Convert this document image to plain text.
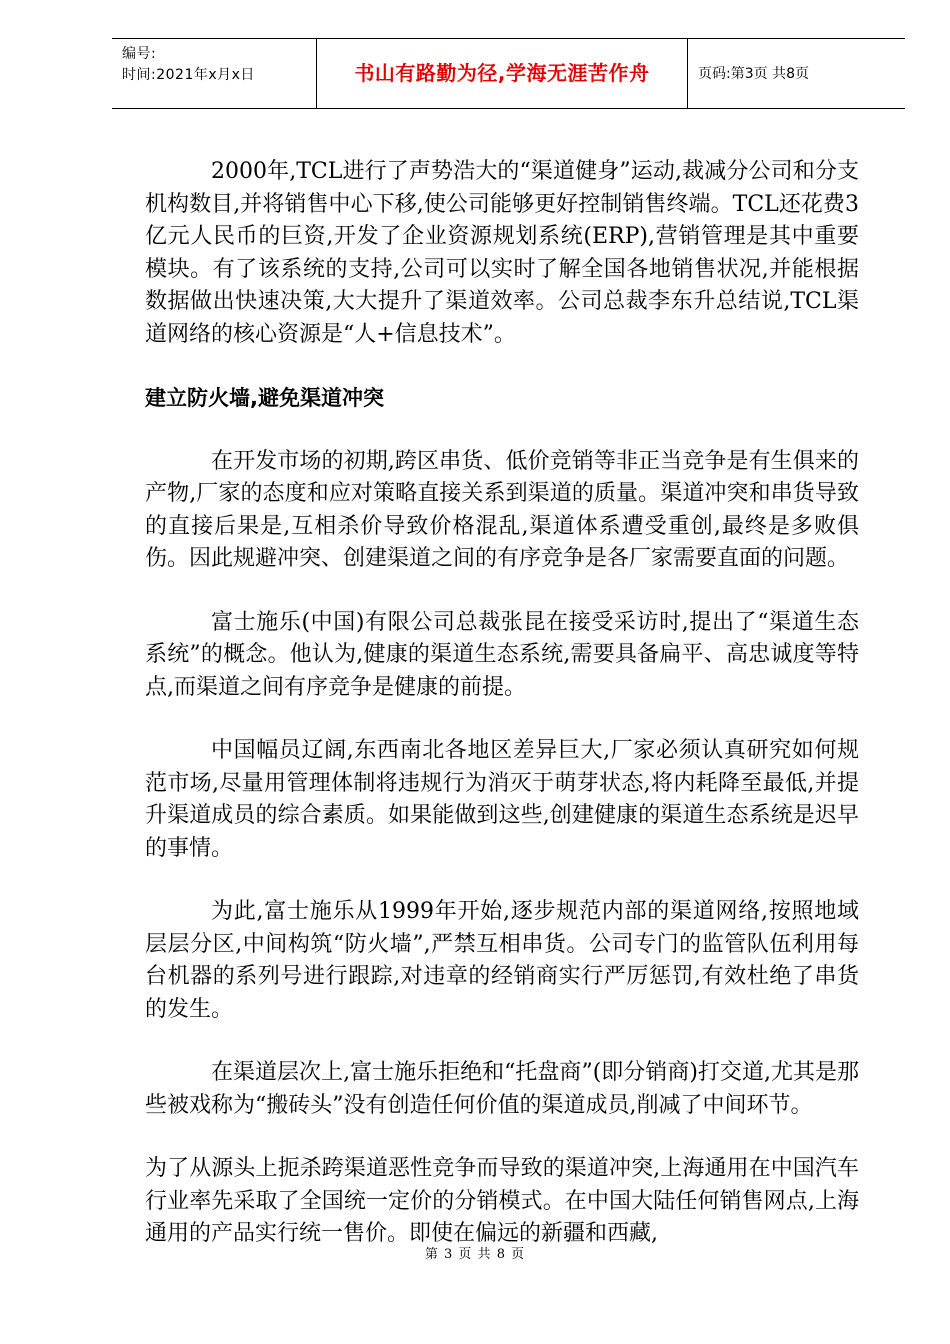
编号:
时间:2021年x月x日	书山有路勤为径,学海无涯苦作舟	页码:第3页 共8页

2000年,TCL进行了声势浩大的“渠道健身”运动,裁减分公司和分支机构数目,并将销售中心下移,使公司能够更好控制销售终端。TCL还花费3亿元人民币的巨资,开发了企业资源规划系统(ERP),营销管理是其中重要模块。有了该系统的支持,公司可以实时了解全国各地销售状况,并能根据数据做出快速决策,大大提升了渠道效率。公司总裁李东升总结说,TCL渠道网络的核心资源是“人+信息技术”。

建立防火墙,避免渠道冲突

在开发市场的初期,跨区串货、低价竞销等非正当竞争是有生俱来的产物,厂家的态度和应对策略直接关系到渠道的质量。渠道冲突和串货导致的直接后果是,互相杀价导致价格混乱,渠道体系遭受重创,最终是多败俱伤。因此规避冲突、创建渠道之间的有序竞争是各厂家需要直面的问题。

富士施乐(中国)有限公司总裁张昆在接受采访时,提出了“渠道生态系统”的概念。他认为,健康的渠道生态系统,需要具备扁平、高忠诚度等特点,而渠道之间有序竞争是健康的前提。

中国幅员辽阔,东西南北各地区差异巨大,厂家必须认真研究如何规范市场,尽量用管理体制将违规行为消灭于萌芽状态,将内耗降至最低,并提升渠道成员的综合素质。如果能做到这些,创建健康的渠道生态系统是迟早的事情。

为此,富士施乐从1999年开始,逐步规范内部的渠道网络,按照地域层层分区,中间构筑“防火墙”,严禁互相串货。公司专门的监管队伍利用每台机器的系列号进行跟踪,对违章的经销商实行严厉惩罚,有效杜绝了串货的发生。

在渠道层次上,富士施乐拒绝和“托盘商”(即分销商)打交道,尤其是那些被戏称为“搬砖头”没有创造任何价值的渠道成员,削减了中间环节。

为了从源头上扼杀跨渠道恶性竞争而导致的渠道冲突,上海通用在中国汽车行业率先采取了全国统一定价的分销模式。在中国大陆任何销售网点,上海通用的产品实行统一售价。即使在偏远的新疆和西藏,

第 3 页 共 8 页
